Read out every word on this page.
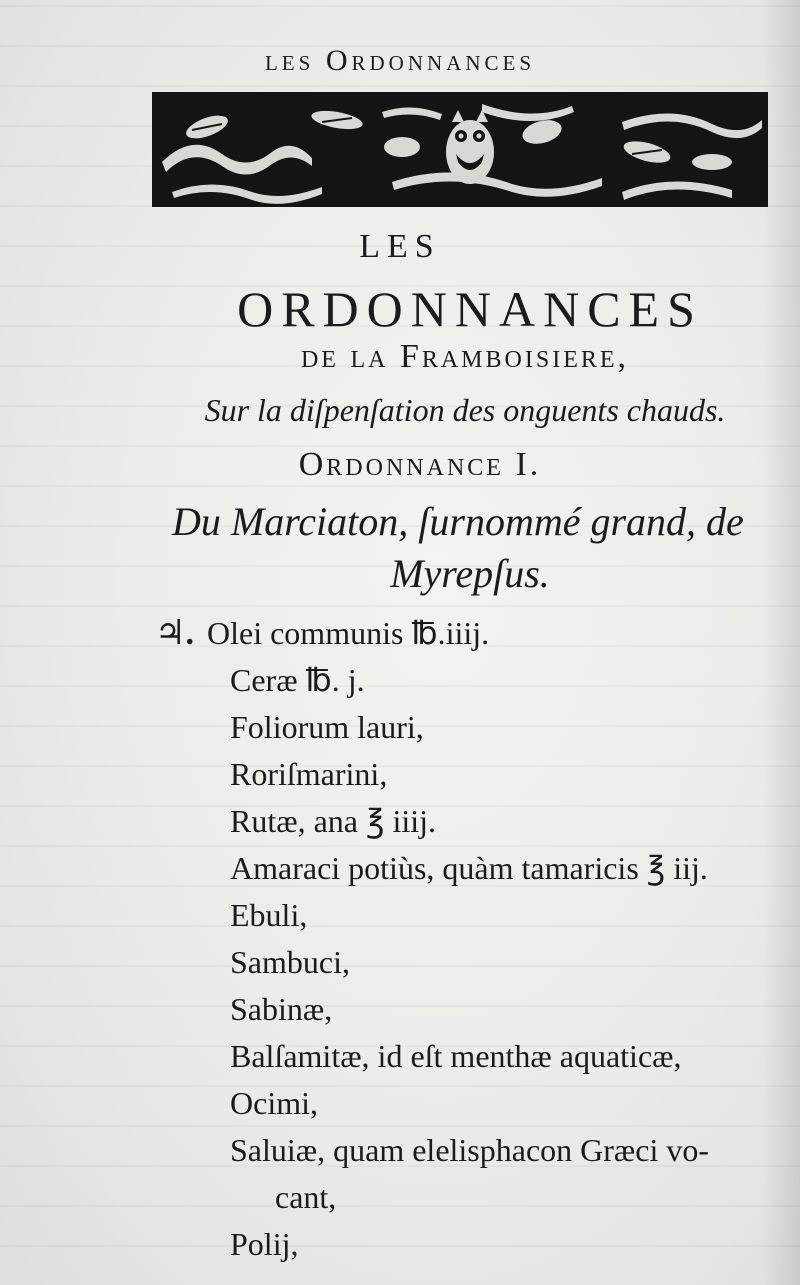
les Ordonnances
LES
ORDONNANCES
de la Framboisiere,
Sur la diſpenſation des onguents chauds.
Ordonnance I.
Du Marciaton, ſurnommé grand, de
Myrepſus.
♃. Olei communis ℔.iiij.
Ceræ ℔. j.
Foliorum lauri,
Roriſmarini,
Rutæ, ana ℥ iiij.
Amaraci potiùs, quàm tamaricis ℥ iij.
Ebuli,
Sambuci,
Sabinæ,
Balſamitæ, id eſt menthæ aquaticæ,
Ocimi,
Saluiæ, quam elelisphacon Græci vo-
cant,
Polij,
